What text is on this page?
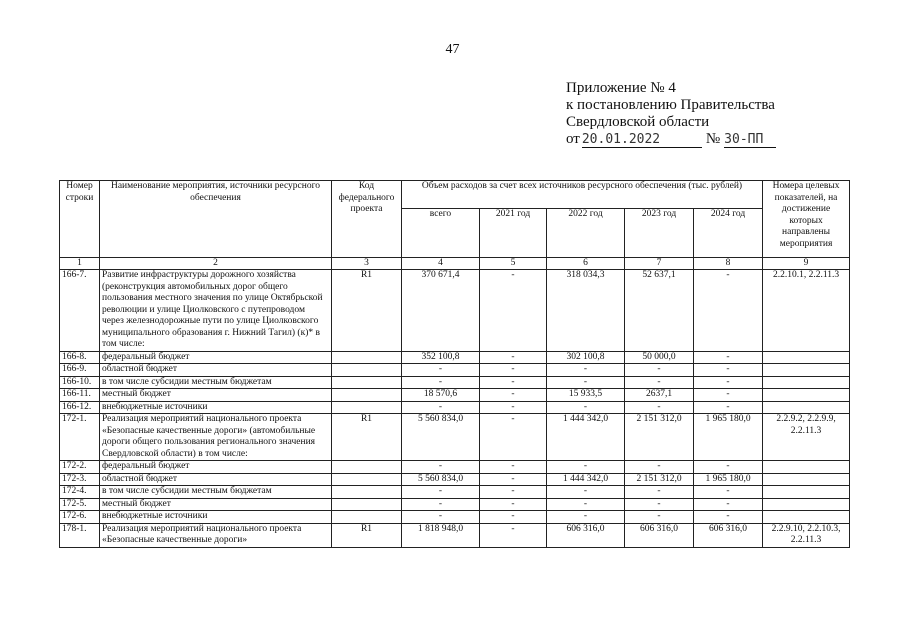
47
Приложение № 4
к постановлению Правительства
Свердловской области
от 20.01.2022	№ 30-ПП
Номер строки	Наименование мероприятия, источники ресурсного обеспечения	Код федерального проекта	Объем расходов за счет всех источников ресурсного обеспечения (тыс. рублей)					Номера целевых показателей, на достижение которых направлены мероприятия
			всего	2021 год	2022 год	2023 год	2024 год	
1	2	3	4	5	6	7	8	9
166-7.	Развитие инфраструктуры дорожного хозяйства (реконструкция автомобильных дорог общего пользования местного значения по улице Октябрьской революции и улице Циолковского с путепроводом через железнодорожные пути по улице Циолковского муниципального образования г. Нижний Тагил) (к)* в том числе:	R1	370 671,4	-	318 034,3	52 637,1	-	2.2.10.1, 2.2.11.3
166-8.	федеральный бюджет		352 100,8	-	302 100,8	50 000,0	-	
166-9.	областной бюджет		-	-	-	-	-	
166-10.	в том числе субсидии местным бюджетам		-	-	-	-	-	
166-11.	местный бюджет		18 570,6	-	15 933,5	2637,1	-	
166-12.	внебюджетные источники		-	-	-	-	-	
172-1.	Реализация мероприятий национального проекта «Безопасные качественные дороги» (автомобильные дороги общего пользования регионального значения Свердловской области) в том числе:	R1	5 560 834,0	-	1 444 342,0	2 151 312,0	1 965 180,0	2.2.9.2, 2.2.9.9, 2.2.11.3
172-2.	федеральный бюджет		-	-	-	-	-	
172-3.	областной бюджет		5 560 834,0	-	1 444 342,0	2 151 312,0	1 965 180,0	
172-4.	в том числе субсидии местным бюджетам		-	-	-	-	-	
172-5.	местный бюджет		-	-	-	-	-	
172-6.	внебюджетные источники		-	-	-	-	-	
178-1.	Реализация мероприятий национального проекта «Безопасные качественные дороги»	R1	1 818 948,0	-	606 316,0	606 316,0	606 316,0	2.2.9.10, 2.2.10.3, 2.2.11.3
